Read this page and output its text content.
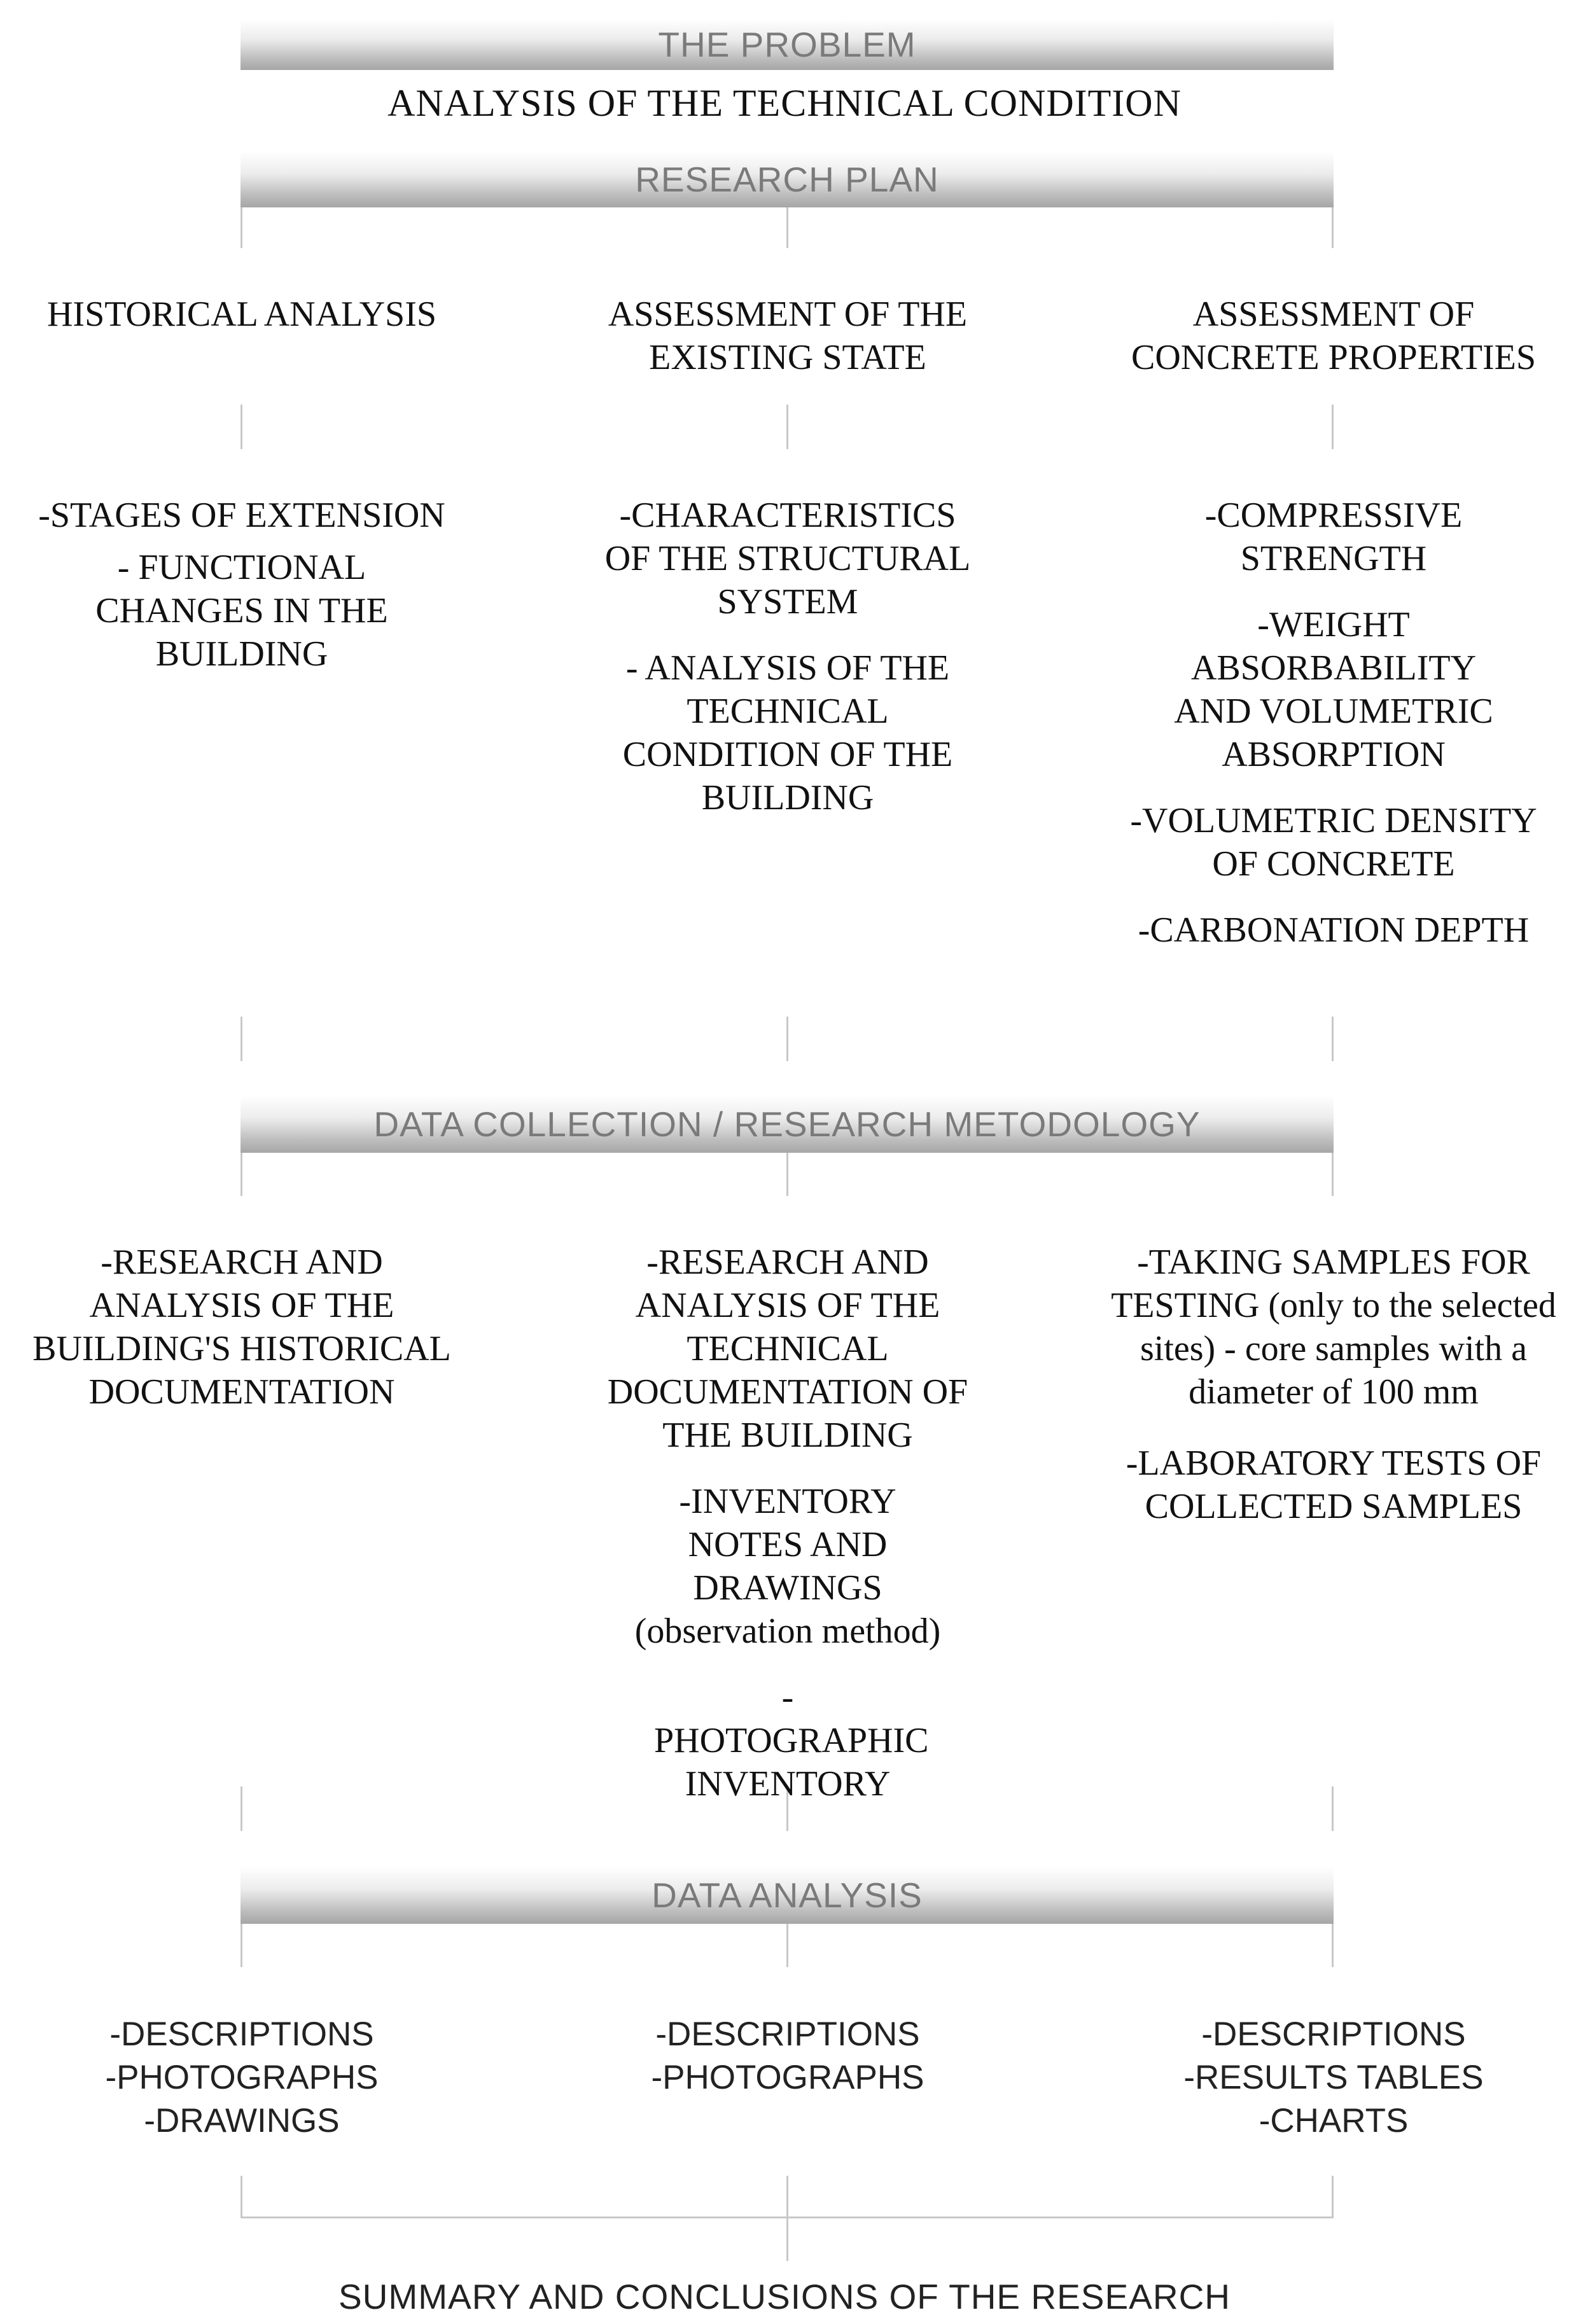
THE PROBLEM
ANALYSIS OF THE TECHNICAL CONDITION
RESEARCH PLAN
DATA COLLECTION / RESEARCH METODOLOGY
DATA ANALYSIS
HISTORICAL ANALYSIS	ASSESSMENT OF THE EXISTING STATE
ASSESSMENT OF CONCRETE PROPERTIES
-STAGES OF EXTENSION
- FUNCTIONAL CHANGES IN THE BUILDING
-CHARACTERISTICS OF THE STRUCTURAL SYSTEM
- ANALYSIS OF THE TECHNICAL CONDITION OF THE BUILDING
-COMPRESSIVE STRENGTH
-WEIGHT ABSORBABILITY AND VOLUMETRIC ABSORPTION
-VOLUMETRIC DENSITY OF CONCRETE
-CARBONATION DEPTH
-RESEARCH AND ANALYSIS OF THE BUILDING'S HISTORICAL DOCUMENTATION
-RESEARCH AND ANALYSIS OF THE TECHNICAL DOCUMENTATION OF THE BUILDING
-INVENTORY NOTES AND DRAWINGS (observation method)
- PHOTOGRAPHIC INVENTORY
-TAKING SAMPLES FOR TESTING (only to the selected sites) - core samples with a diameter of 100 mm
-LABORATORY TESTS OF COLLECTED SAMPLES
-DESCRIPTIONS
-PHOTOGRAPHS
-DRAWINGS
-DESCRIPTIONS
-PHOTOGRAPHS
-DESCRIPTIONS
-RESULTS TABLES
-CHARTS
SUMMARY AND CONCLUSIONS OF THE RESEARCH
